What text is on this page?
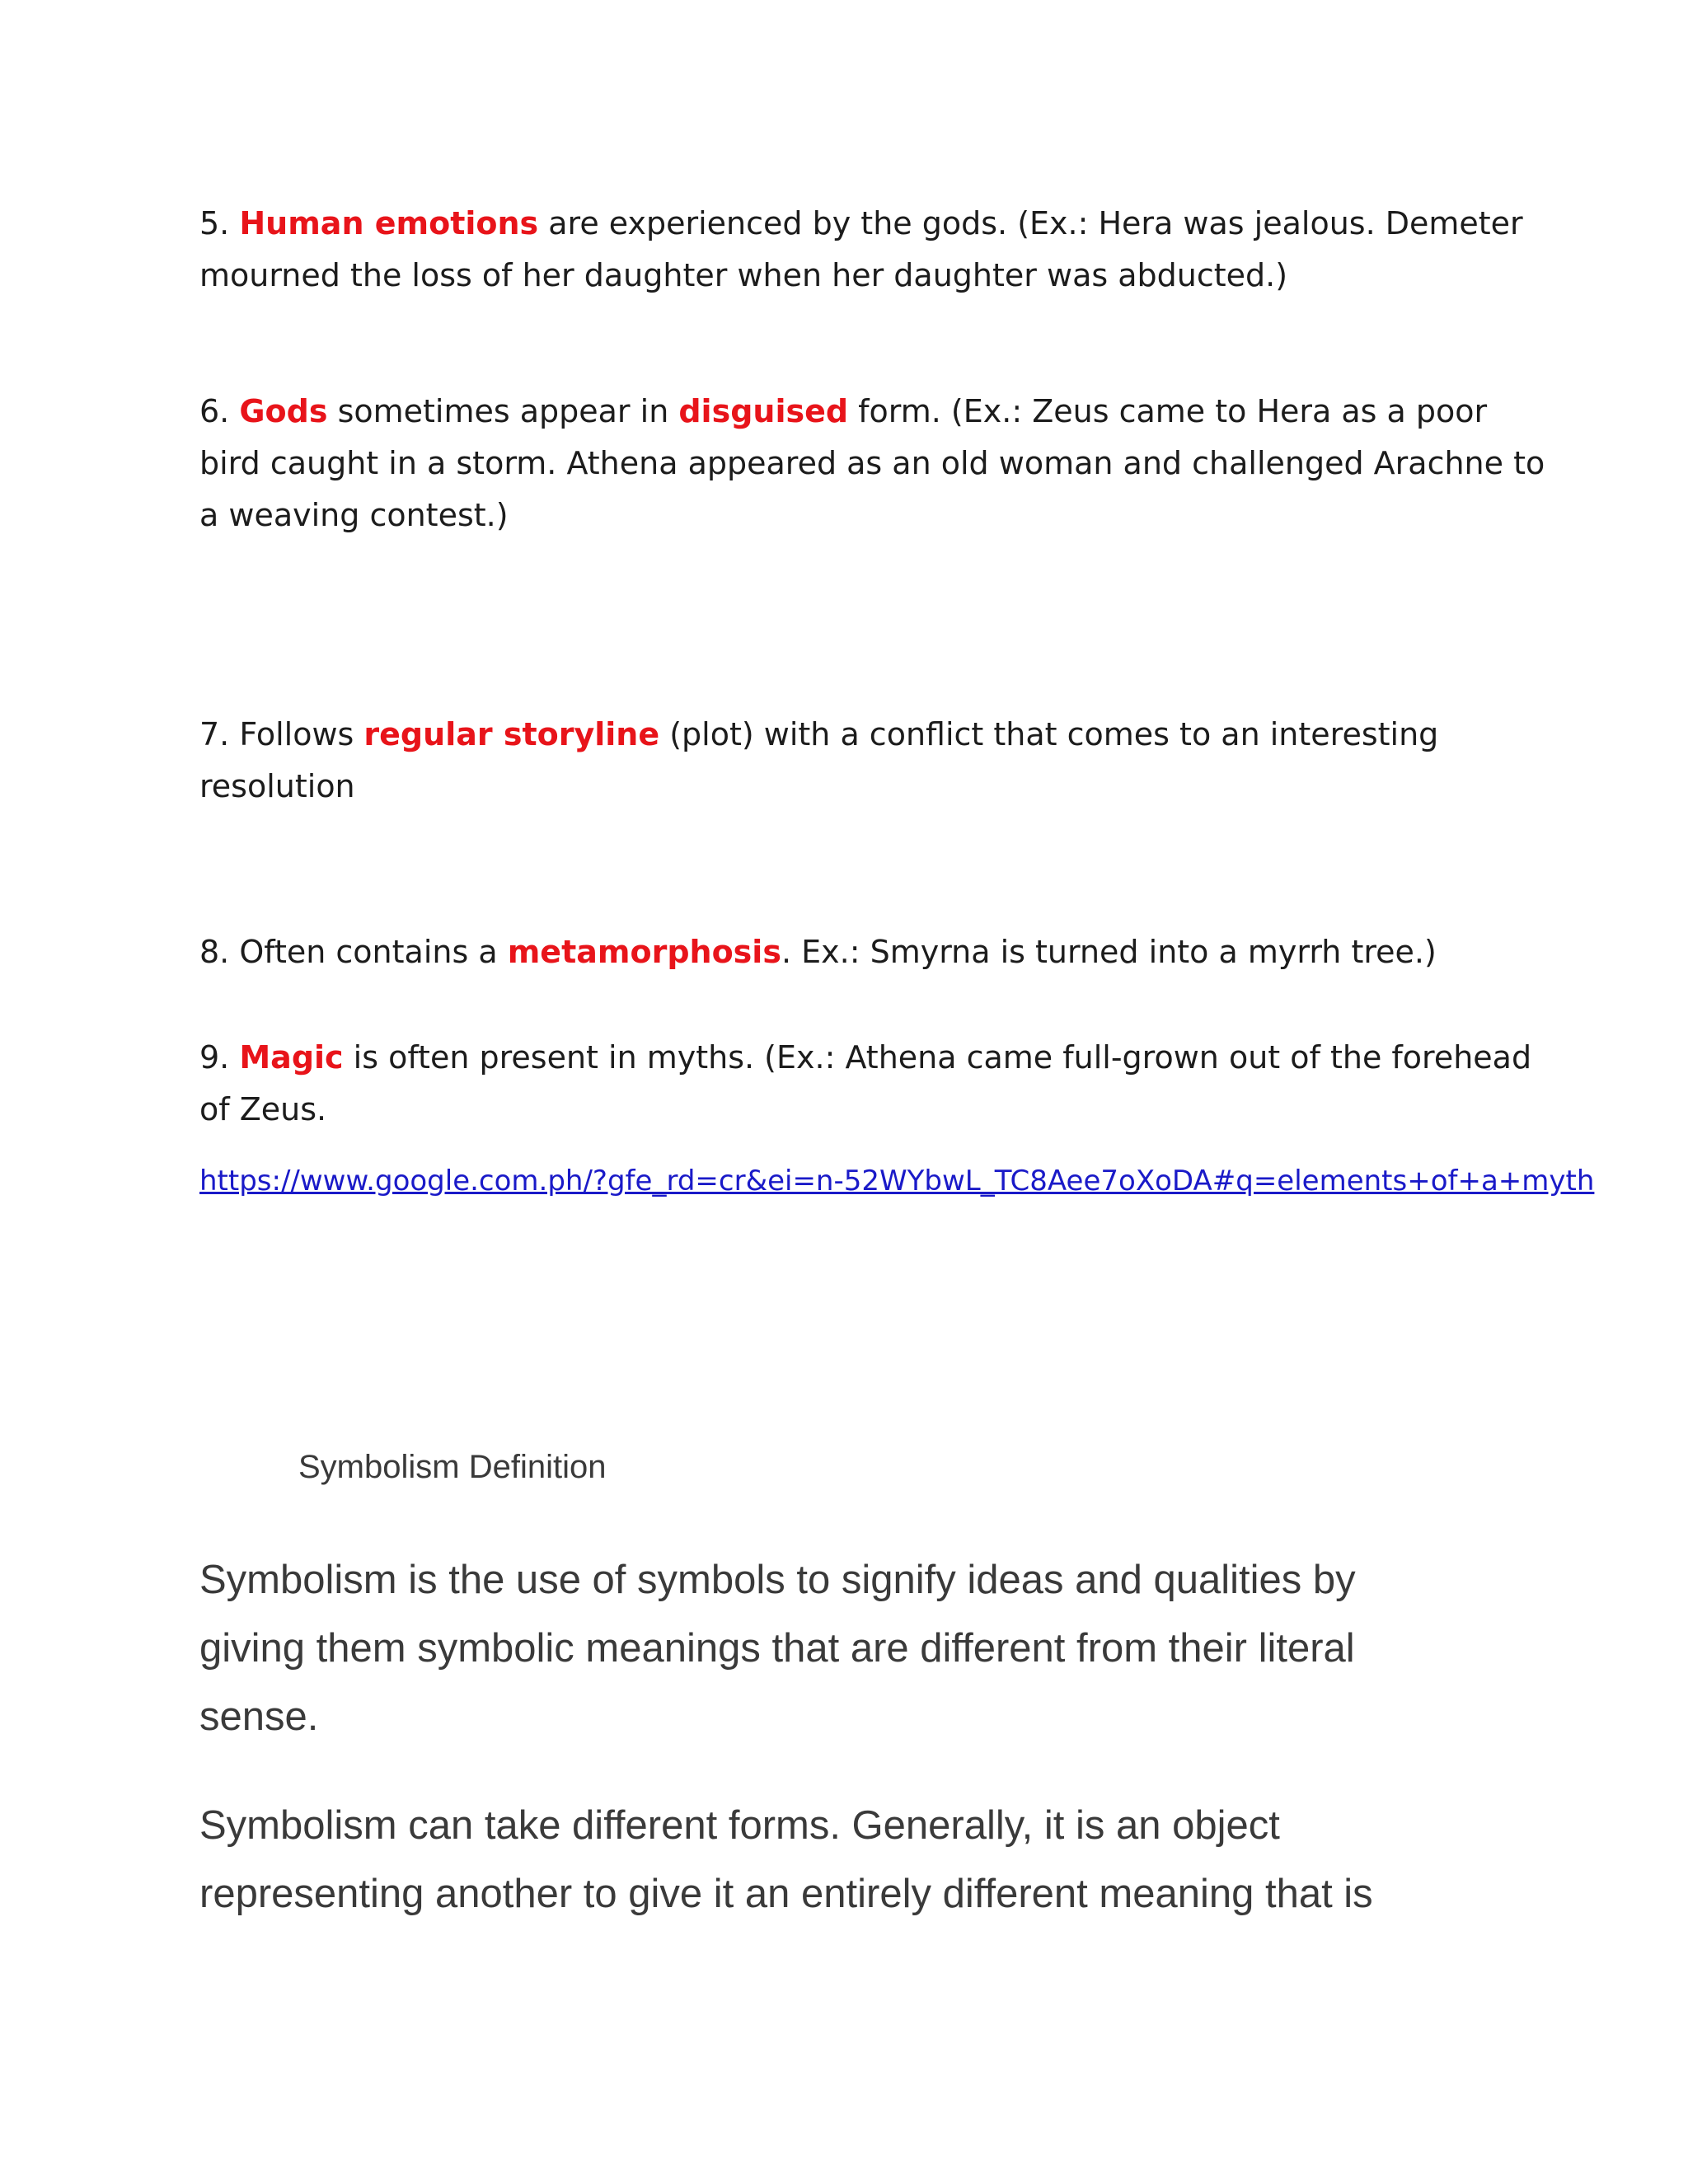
5. Human emotions are experienced by the gods. (Ex.: Hera was jealous. Demeter mourned the loss of her daughter when her daughter was abducted.)
6. Gods sometimes appear in disguised form. (Ex.: Zeus came to Hera as a poor bird caught in a storm. Athena appeared as an old woman and challenged Arachne to a weaving contest.)
7. Follows regular storyline (plot) with a conflict that comes to an interesting resolution
8. Often contains a metamorphosis. Ex.: Smyrna is turned into a myrrh tree.)
9. Magic is often present in myths. (Ex.: Athena came full-grown out of the forehead of Zeus.
https://www.google.com.ph/?gfe_rd=cr&ei=n-52WYbwL_TC8Aee7oXoDA#q=elements+of+a+myth
Symbolism Definition
Symbolism is the use of symbols to signify ideas and qualities by giving them symbolic meanings that are different from their literal sense.
Symbolism can take different forms. Generally, it is an object representing another to give it an entirely different meaning that is
